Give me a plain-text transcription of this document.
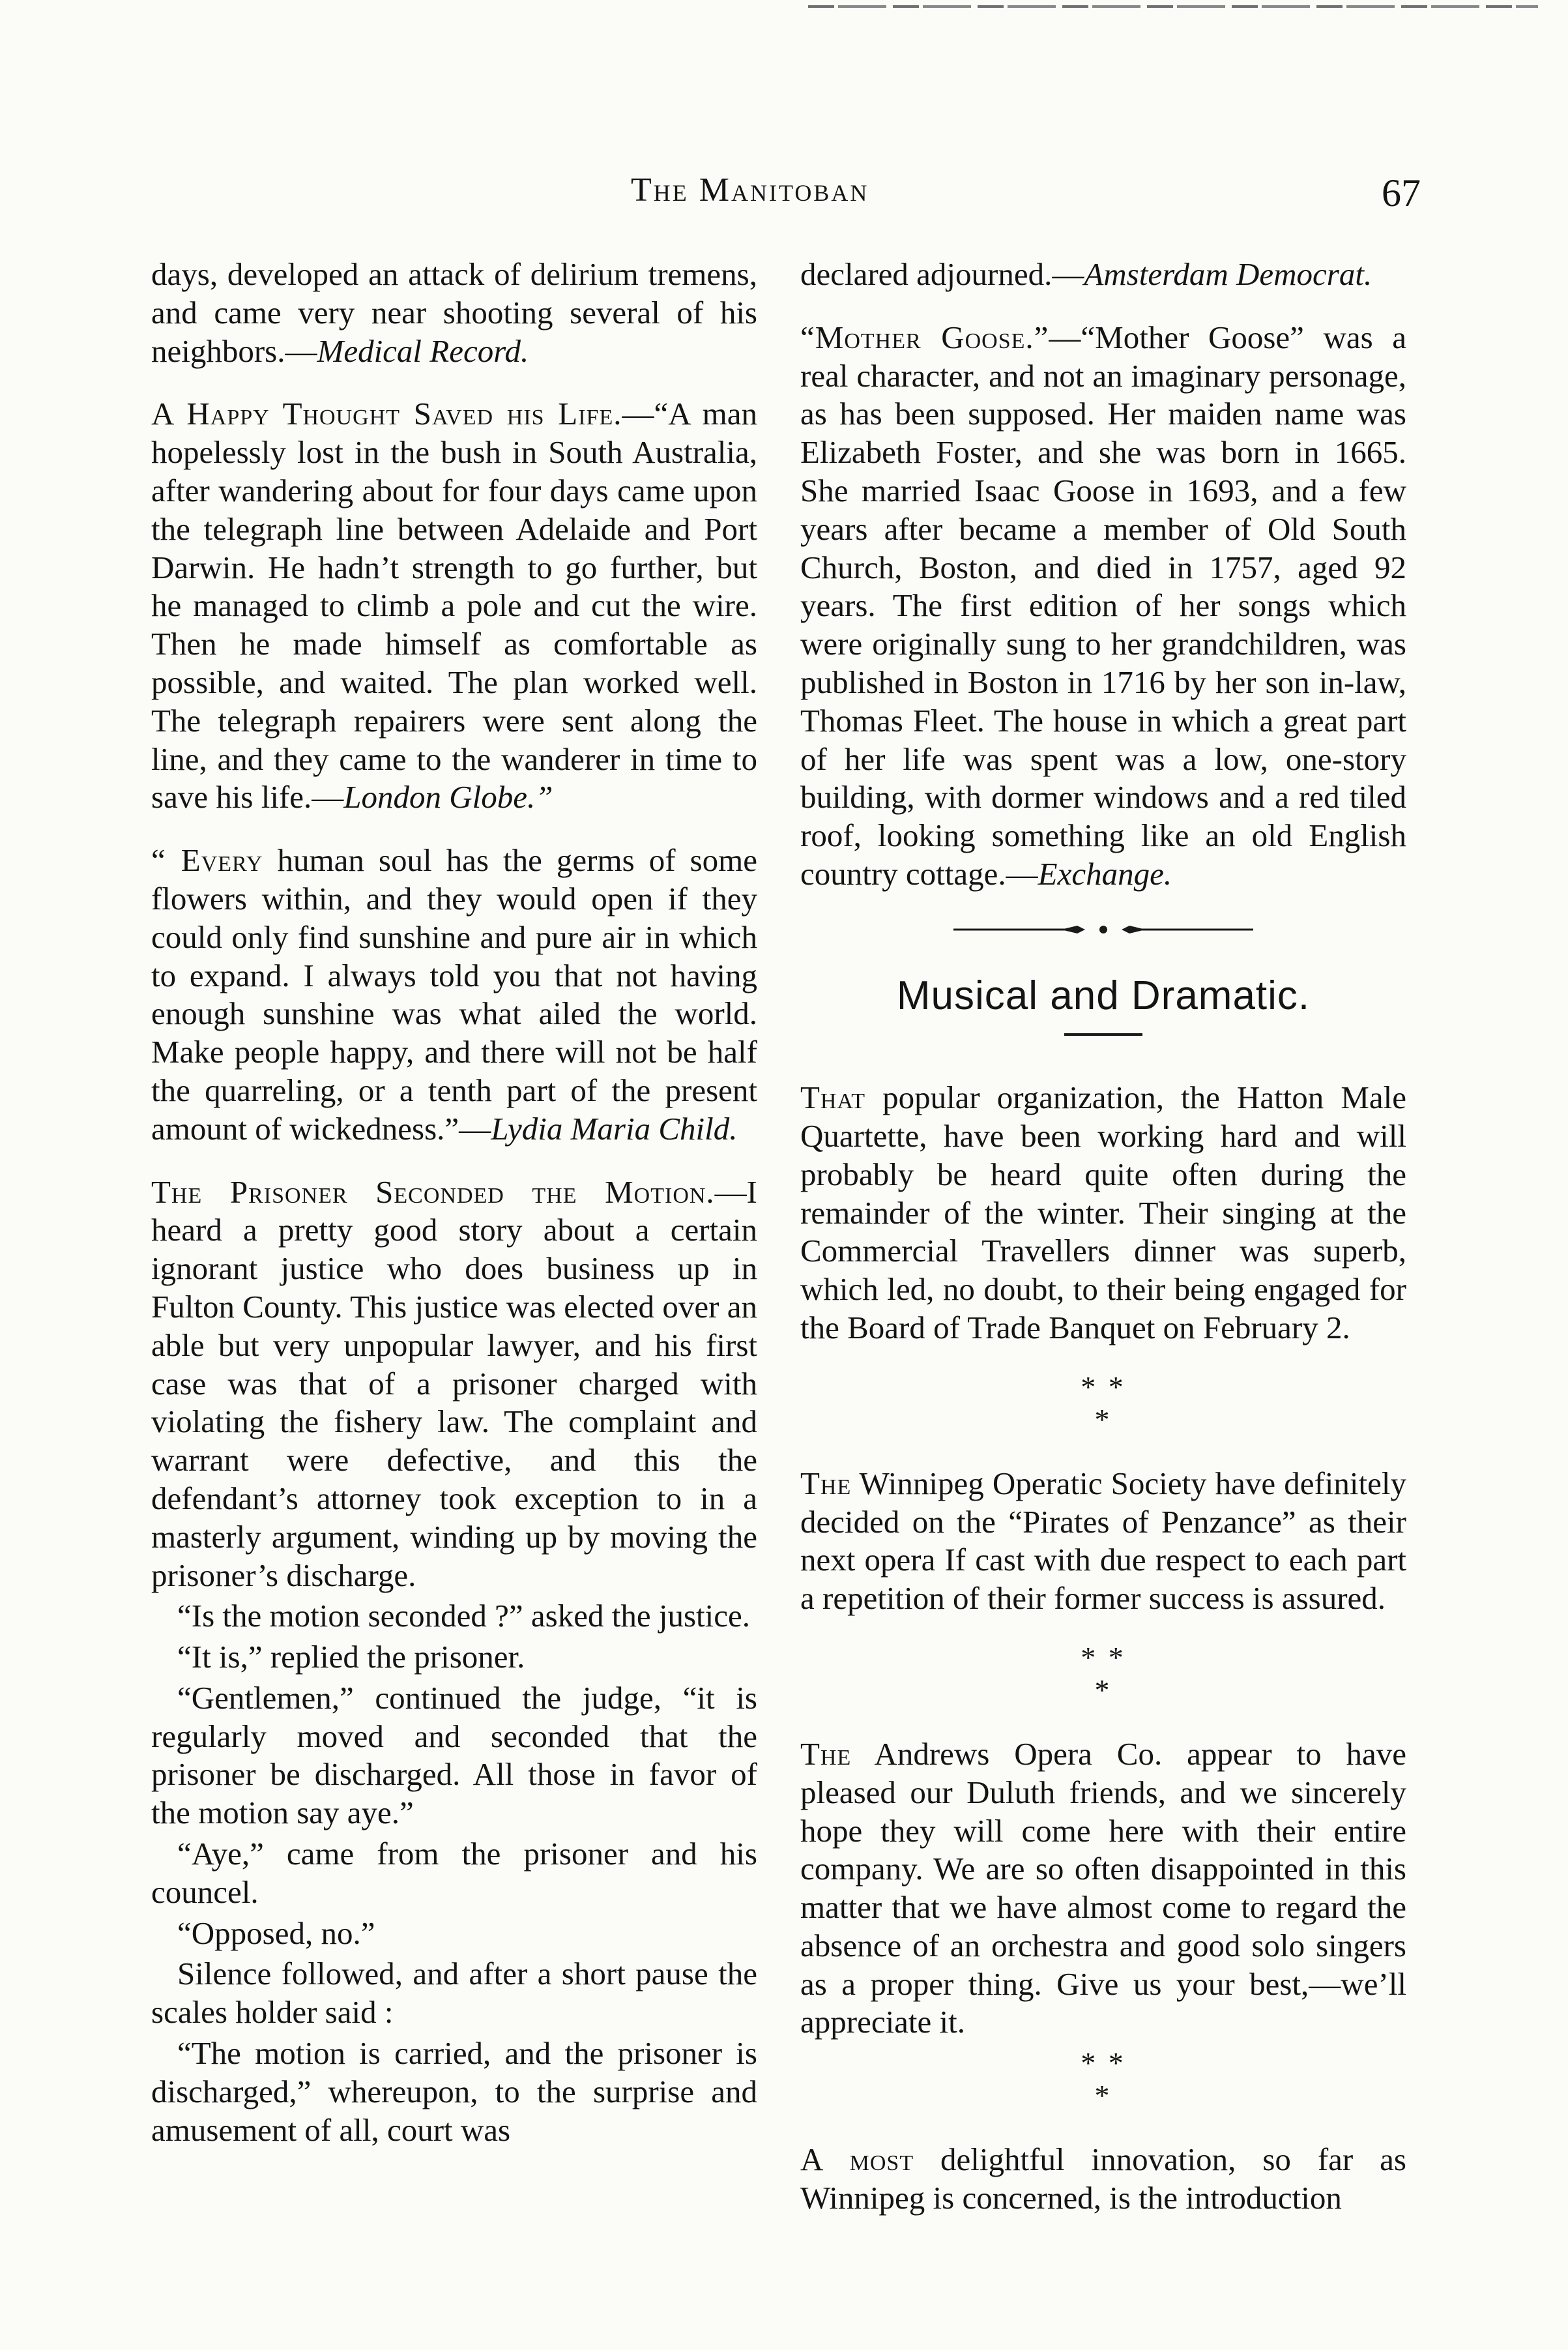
The Manitoban	67

days, developed an attack of delirium tremens, and came very near shooting several of his neighbors.—Medical Record.

A Happy Thought Saved his Life.—“A man hopelessly lost in the bush in South Australia, after wandering about for four days came upon the telegraph line between Adelaide and Port Darwin. He hadn’t strength to go further, but he managed to climb a pole and cut the wire. Then he made himself as comfortable as possible, and waited. The plan worked well. The telegraph repairers were sent along the line, and they came to the wanderer in time to save his life.—London Globe.”

“ Every human soul has the germs of some flowers within, and they would open if they could only find sunshine and pure air in which to expand. I always told you that not having enough sunshine was what ailed the world. Make people happy, and there will not be half the quarreling, or a tenth part of the present amount of wickedness.”—Lydia Maria Child.

The Prisoner Seconded the Motion.—I heard a pretty good story about a certain ignorant justice who does business up in Fulton County. This justice was elected over an able but very unpopular lawyer, and his first case was that of a prisoner charged with violating the fishery law. The complaint and warrant were defective, and this the defendant’s attorney took exception to in a masterly argument, winding up by moving the prisoner’s discharge.

“Is the motion seconded ?” asked the justice.

“It is,” replied the prisoner.

“Gentlemen,” continued the judge, “it is regularly moved and seconded that the prisoner be discharged. All those in favor of the motion say aye.”

“Aye,” came from the prisoner and his councel.

“Opposed, no.”

Silence followed, and after a short pause the scales holder said :

“The motion is carried, and the prisoner is discharged,” whereupon, to the surprise and amusement of all, court was

declared adjourned.—Amsterdam Democrat.

“Mother Goose.”—“Mother Goose” was a real character, and not an imaginary personage, as has been supposed. Her maiden name was Elizabeth Foster, and she was born in 1665. She married Isaac Goose in 1693, and a few years after became a member of Old South Church, Boston, and died in 1757, aged 92 years. The first edition of her songs which were originally sung to her grandchildren, was published in Boston in 1716 by her son in-law, Thomas Fleet. The house in which a great part of her life was spent was a low, one-story building, with dormer windows and a red tiled roof, looking something like an old English country cottage.—Exchange.

Musical and Dramatic.

That popular organization, the Hatton Male Quartette, have been working hard and will probably be heard quite often during the remainder of the winter. Their singing at the Commercial Travellers dinner was superb, which led, no doubt, to their being engaged for the Board of Trade Banquet on February 2.

* *
*

The Winnipeg Operatic Society have definitely decided on the “Pirates of Penzance” as their next opera If cast with due respect to each part a repetition of their former success is assured.

* *
*

The Andrews Opera Co. appear to have pleased our Duluth friends, and we sincerely hope they will come here with their entire company. We are so often disappointed in this matter that we have almost come to regard the absence of an orchestra and good solo singers as a proper thing. Give us your best,—we’ll appreciate it.

* *
*

A most delightful innovation, so far as Winnipeg is concerned, is the introduction
